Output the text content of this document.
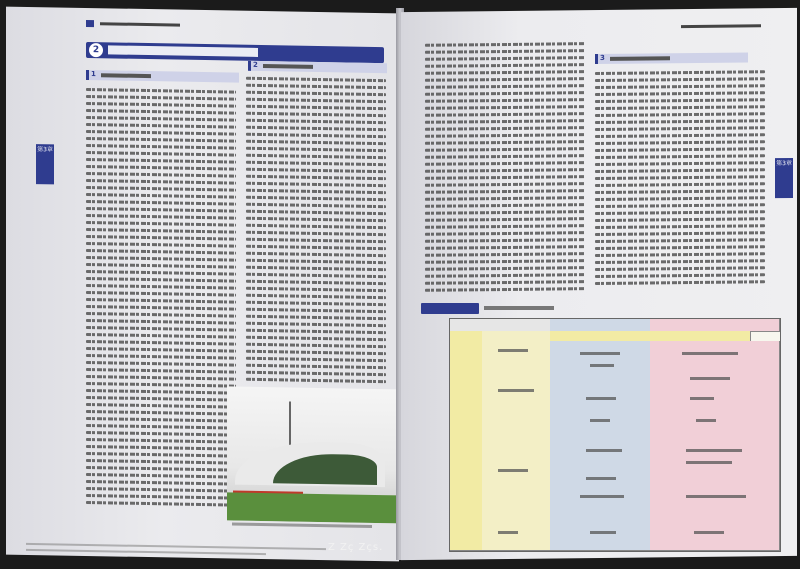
2
1
2
第3章
3
第3章
Z Zç Zçs.
